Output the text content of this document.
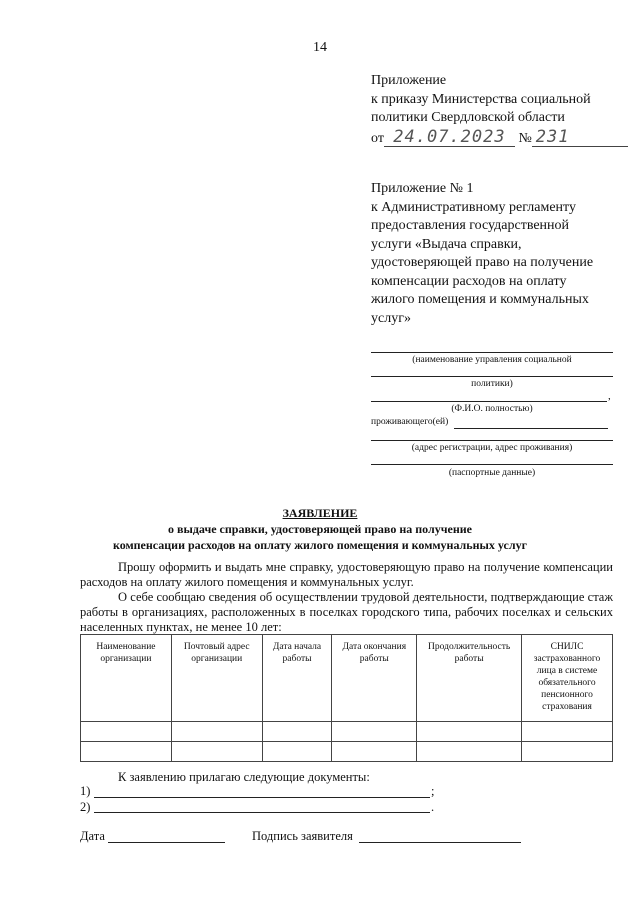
14
Приложение
к приказу Министерства социальной
политики Свердловской области
от 24.07.2023 № 231
Приложение № 1
к Административному регламенту
предоставления государственной
услуги «Выдача справки,
удостоверяющей право на получение
компенсации расходов на оплату
жилого помещения и коммунальных
услуг»
(наименование управления социальной
политики)
,
(Ф.И.О. полностью)
проживающего(ей)
(адрес регистрации, адрес проживания)
(паспортные данные)
ЗАЯВЛЕНИЕ
о выдаче справки, удостоверяющей право на получение
компенсации расходов на оплату жилого помещения и коммунальных услуг
Прошу оформить и выдать мне справку, удостоверяющую право на получение компенсации расходов на оплату жилого помещения и коммунальных услуг.
О себе сообщаю сведения об осуществлении трудовой деятельности, подтверждающие стаж работы в организациях, расположенных в поселках городского типа, рабочих поселках и сельских населенных пунктах, не менее 10 лет:
Наименование организации	Почтовый адрес организации	Дата начала работы	Дата окончания работы	Продолжительность работы	СНИЛС застрахованного лица в системе обязательного пенсионного страхования

К заявлению прилагаю следующие документы:
1)	;
2)	.
Дата	Подпись заявителя
